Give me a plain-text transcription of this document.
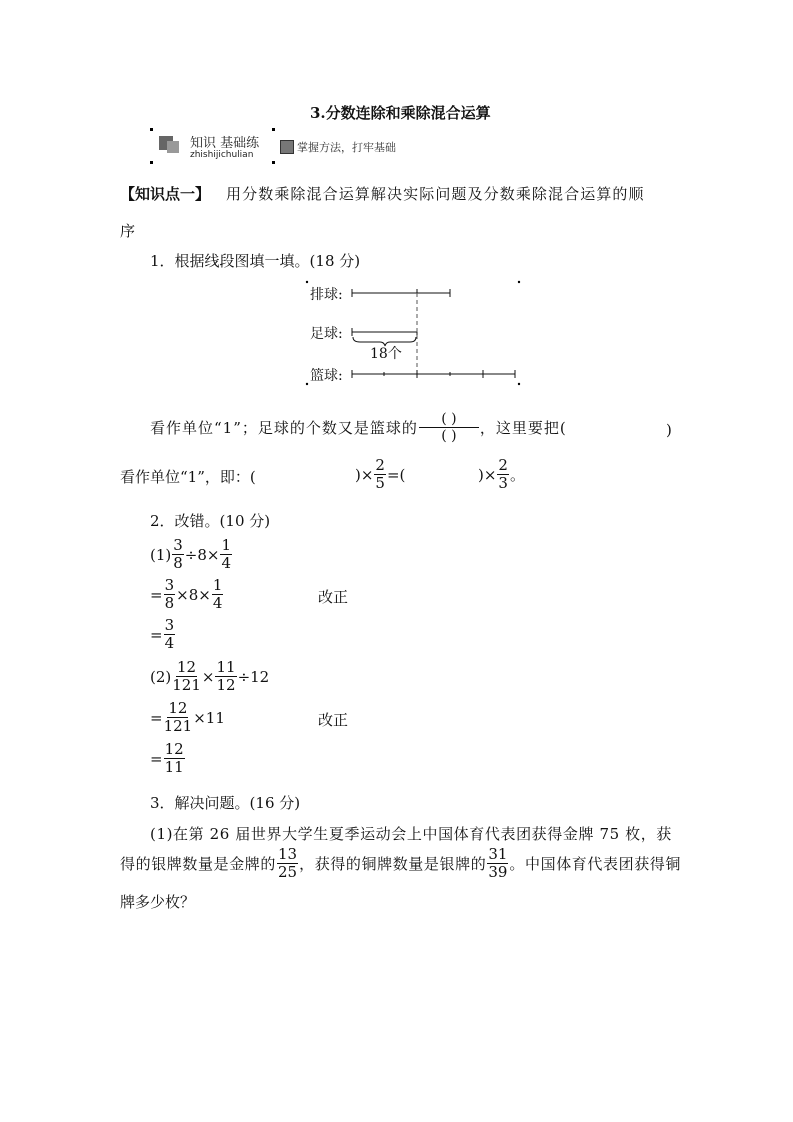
3.分数连除和乘除混合运算
知识 基础练
zhishijichulian
掌握方法，打牢基础
【知识点一】 用分数乘除混合运算解决实际问题及分数乘除混合运算的顺
序
1．根据线段图填一填。(18 分)
排球:
足球:
18个
篮球:
看作单位“1”；足球的个数又是篮球的 $\frac{( )}{( )}$ ，这里要把(	)
看作单位“1”，即：(	)× $\frac{2}{5}$ =(	)× $\frac{2}{3}$ 。
2．改错。(10 分)
$(1) \frac{3}{8} \div 8\times \frac{1}{4}$
= $\frac{3}{8} \times 8\times \frac{1}{4}$	改正
= $\frac{3}{4}$
$(2) \frac{12}{121} \times \frac{11}{12} \div 12$
= $\frac{12}{121} \times 11$	改正
= $\frac{12}{11}$
3．解决问题。(16 分)
(1)在第 26 届世界大学生夏季运动会上中国体育代表团获得金牌 75 枚，获
得的银牌数量是金牌的 $\frac{13}{25}$ ，获得的铜牌数量是银牌的 $\frac{31}{39}$ 。中国体育代表团获得铜
牌多少枚？
